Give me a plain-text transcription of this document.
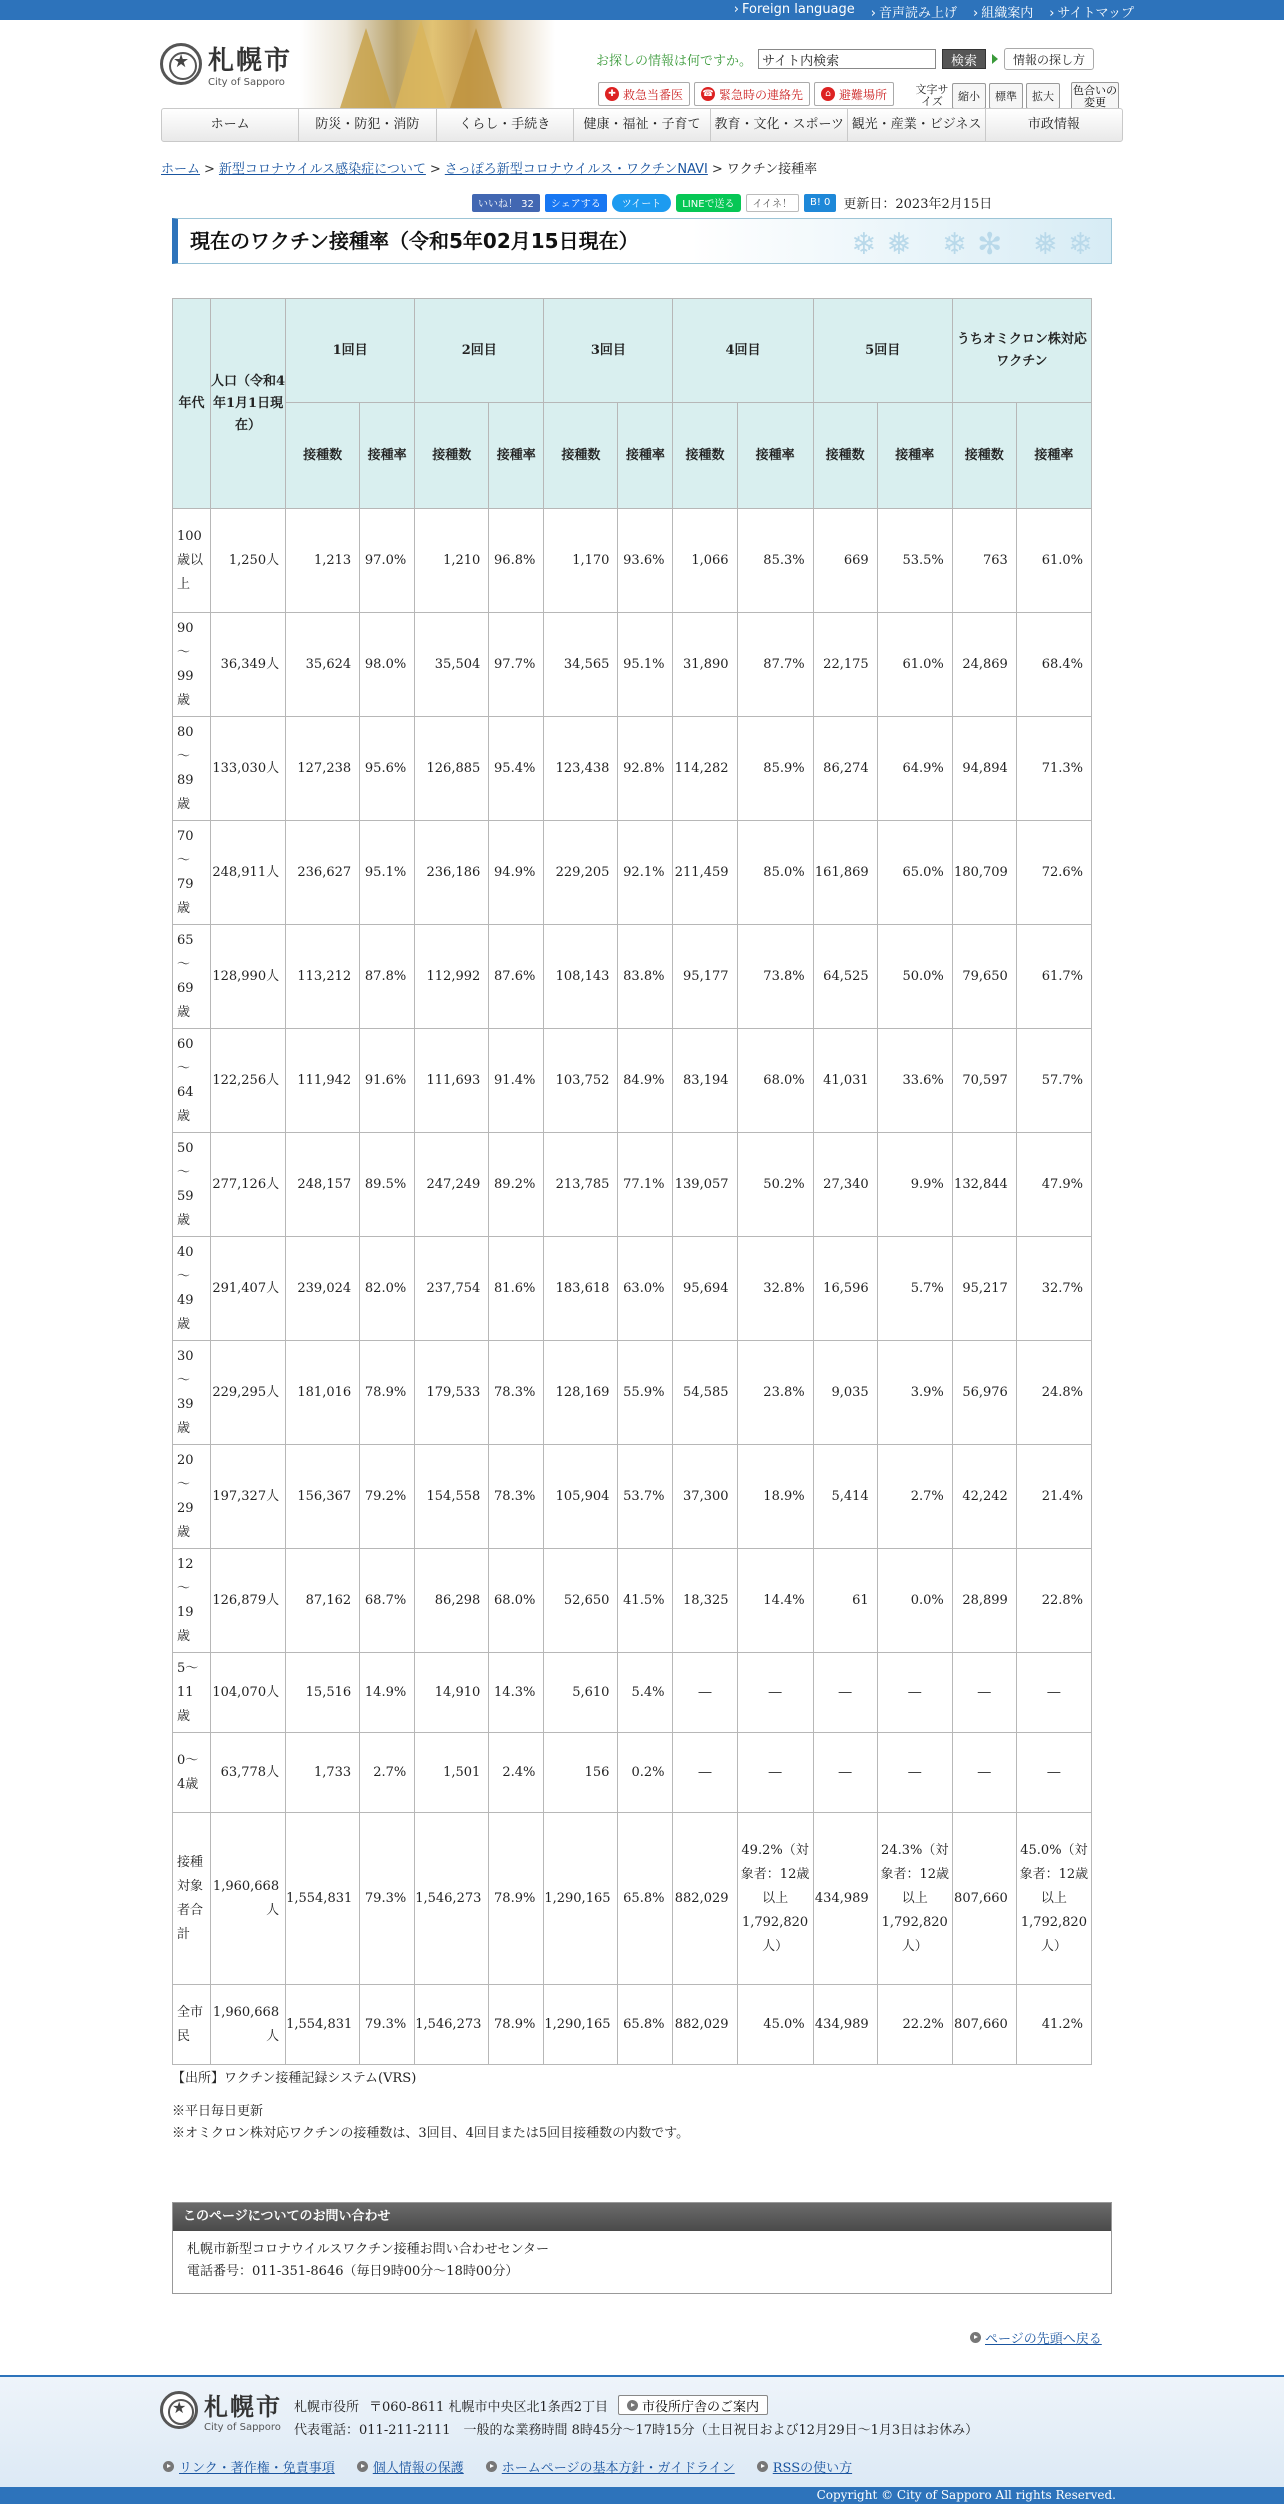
› Foreign language	› 音声読み上げ	› 組織案内	› サイトマップ
★
札幌市
City of Sapporo
お探しの情報は何ですか。
サイト内検索	検索	情報の探し方
✚ 救急当番医 ☎ 緊急時の連絡先	⌂ 避難場所	文字サイズ	縮小	標準	拡大
色合いの変更
ホーム	防災・防犯・消防	くらし・手続き	健康・福祉・子育て	教育・文化・スポーツ 観光・産業・ビジネス	市政情報
ホーム > 新型コロナウイルス感染症について > さっぽろ新型コロナウイルス・ワクチンNAVI > ワクチン接種率
いいね！ 32	シェアする	ツイート	LINEで送る	イイネ！	B! 0	更新日：2023年2月15日
現在のワクチン接種率（令和5年02月15日現在）	❄❅ ❄✻ ❅❄
年代	人口（令和4年1月1日現在）	1回目		2回目		3回目		4回目		5回目		うちオミクロン株対応ワクチン	
		接種数	接種率	接種数	接種率	接種数	接種率	接種数	接種率	接種数	接種率	接種数	接種率
100歳以上	1,250人	1,213	97.0%	1,210	96.8%	1,170	93.6%	1,066	85.3%	669	53.5%	763	61.0%
90～99歳	36,349人	35,624	98.0%	35,504	97.7%	34,565	95.1%	31,890	87.7%	22,175	61.0%	24,869	68.4%
80～89歳	133,030人	127,238	95.6%	126,885	95.4%	123,438	92.8%	114,282	85.9%	86,274	64.9%	94,894	71.3%
70～79歳	248,911人	236,627	95.1%	236,186	94.9%	229,205	92.1%	211,459	85.0%	161,869	65.0%	180,709	72.6%
65～69歳	128,990人	113,212	87.8%	112,992	87.6%	108,143	83.8%	95,177	73.8%	64,525	50.0%	79,650	61.7%
60～64歳	122,256人	111,942	91.6%	111,693	91.4%	103,752	84.9%	83,194	68.0%	41,031	33.6%	70,597	57.7%
50～59歳	277,126人	248,157	89.5%	247,249	89.2%	213,785	77.1%	139,057	50.2%	27,340	9.9%	132,844	47.9%
40～49歳	291,407人	239,024	82.0%	237,754	81.6%	183,618	63.0%	95,694	32.8%	16,596	5.7%	95,217	32.7%
30～39歳	229,295人	181,016	78.9%	179,533	78.3%	128,169	55.9%	54,585	23.8%	9,035	3.9%	56,976	24.8%
20～29歳	197,327人	156,367	79.2%	154,558	78.3%	105,904	53.7%	37,300	18.9%	5,414	2.7%	42,242	21.4%
12～19歳	126,879人	87,162	68.7%	86,298	68.0%	52,650	41.5%	18,325	14.4%	61	0.0%	28,899	22.8%
5～11歳	104,070人	15,516	14.9%	14,910	14.3%	5,610	5.4%	―	―	―	―	―	―
0～4歳	63,778人	1,733	2.7%	1,501	2.4%	156	0.2%	―	―	―	―	―	―
接種対象者合計	1,960,668人	1,554,831	79.3%	1,546,273	78.9%	1,290,165	65.8%	882,029	49.2%（対象者：12歳以上1,792,820人）	434,989	24.3%（対象者：12歳以上1,792,820人）	807,660	45.0%（対象者：12歳以上1,792,820人）
全市民	1,960,668人	1,554,831	79.3%	1,546,273	78.9%	1,290,165	65.8%	882,029	45.0%	434,989	22.2%	807,660	41.2%
【出所】ワクチン接種記録システム(VRS)
※平日毎日更新
※オミクロン株対応ワクチンの接種数は、3回目、4回目または5回目接種数の内数です。
このページについてのお問い合わせ
札幌市新型コロナウイルスワクチン接種お問い合わせセンター
電話番号：011-351-8646（毎日9時00分～18時00分）
ページの先頭へ戻る
★
札幌市
City of Sapporo
札幌市役所 〒060-8611 札幌市中央区北1条西2丁目	市役所庁舎のご案内
代表電話：011-211-2111　一般的な業務時間 8時45分～17時15分（土日祝日および12月29日～1月3日はお休み）
リンク・著作権・免責事項	個人情報の保護	ホームページの基本方針・ガイドライン	RSSの使い方
Copyright © City of Sapporo All rights Reserved.
